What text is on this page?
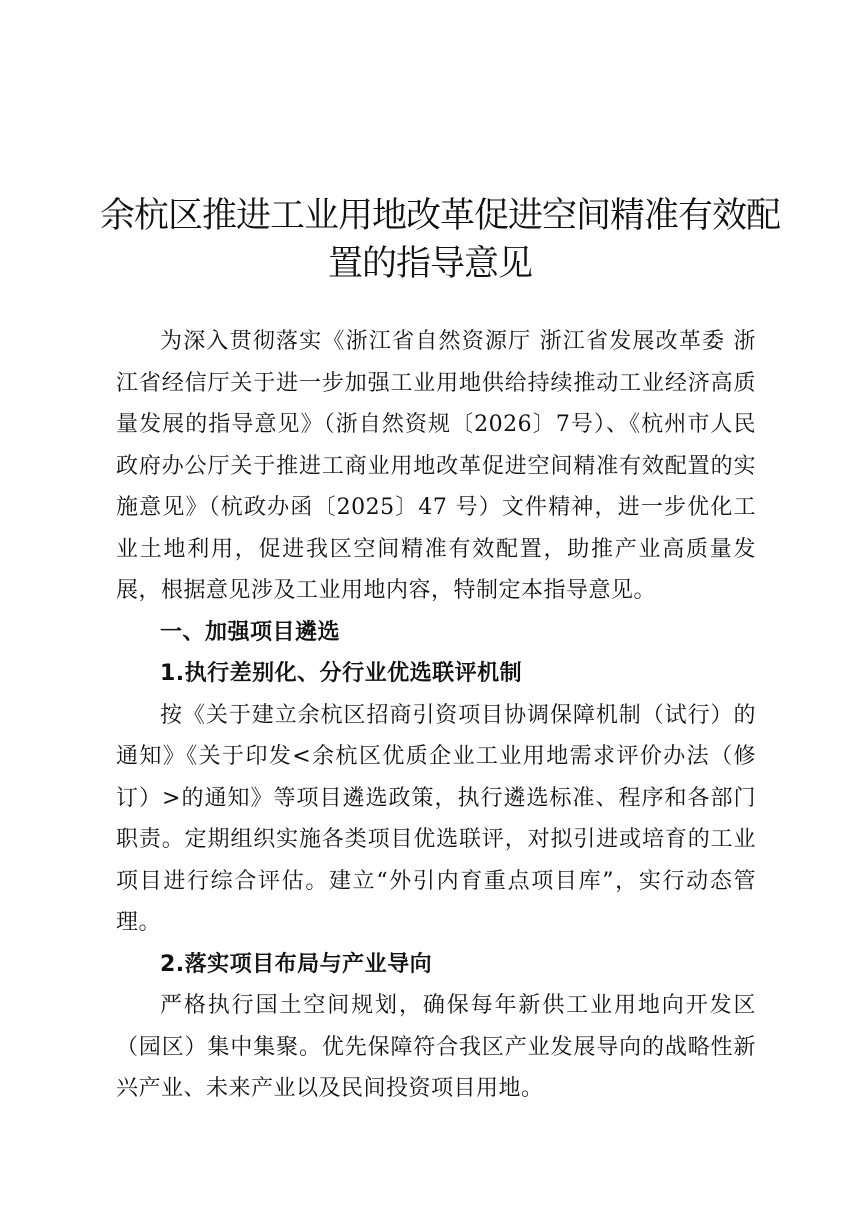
余杭区推进工业用地改革促进空间精准有效配
置的指导意见

为深入贯彻落实《浙江省自然资源厅 浙江省发展改革委 浙江省经信厅关于进一步加强工业用地供给持续推动工业经济高质量发展的指导意见》（浙自然资规〔2026〕7号）、《杭州市人民政府办公厅关于推进工商业用地改革促进空间精准有效配置的实施意见》（杭政办函〔2025〕47 号）文件精神，进一步优化工业土地利用，促进我区空间精准有效配置，助推产业高质量发展，根据意见涉及工业用地内容，特制定本指导意见。

一、加强项目遴选

1.执行差别化、分行业优选联评机制

按《关于建立余杭区招商引资项目协调保障机制（试行）的通知》《关于印发<余杭区优质企业工业用地需求评价办法（修订）>的通知》等项目遴选政策，执行遴选标准、程序和各部门职责。定期组织实施各类项目优选联评，对拟引进或培育的工业项目进行综合评估。建立“外引内育重点项目库”，实行动态管理。

2.落实项目布局与产业导向

严格执行国土空间规划，确保每年新供工业用地向开发区（园区）集中集聚。优先保障符合我区产业发展导向的战略性新兴产业、未来产业以及民间投资项目用地。
